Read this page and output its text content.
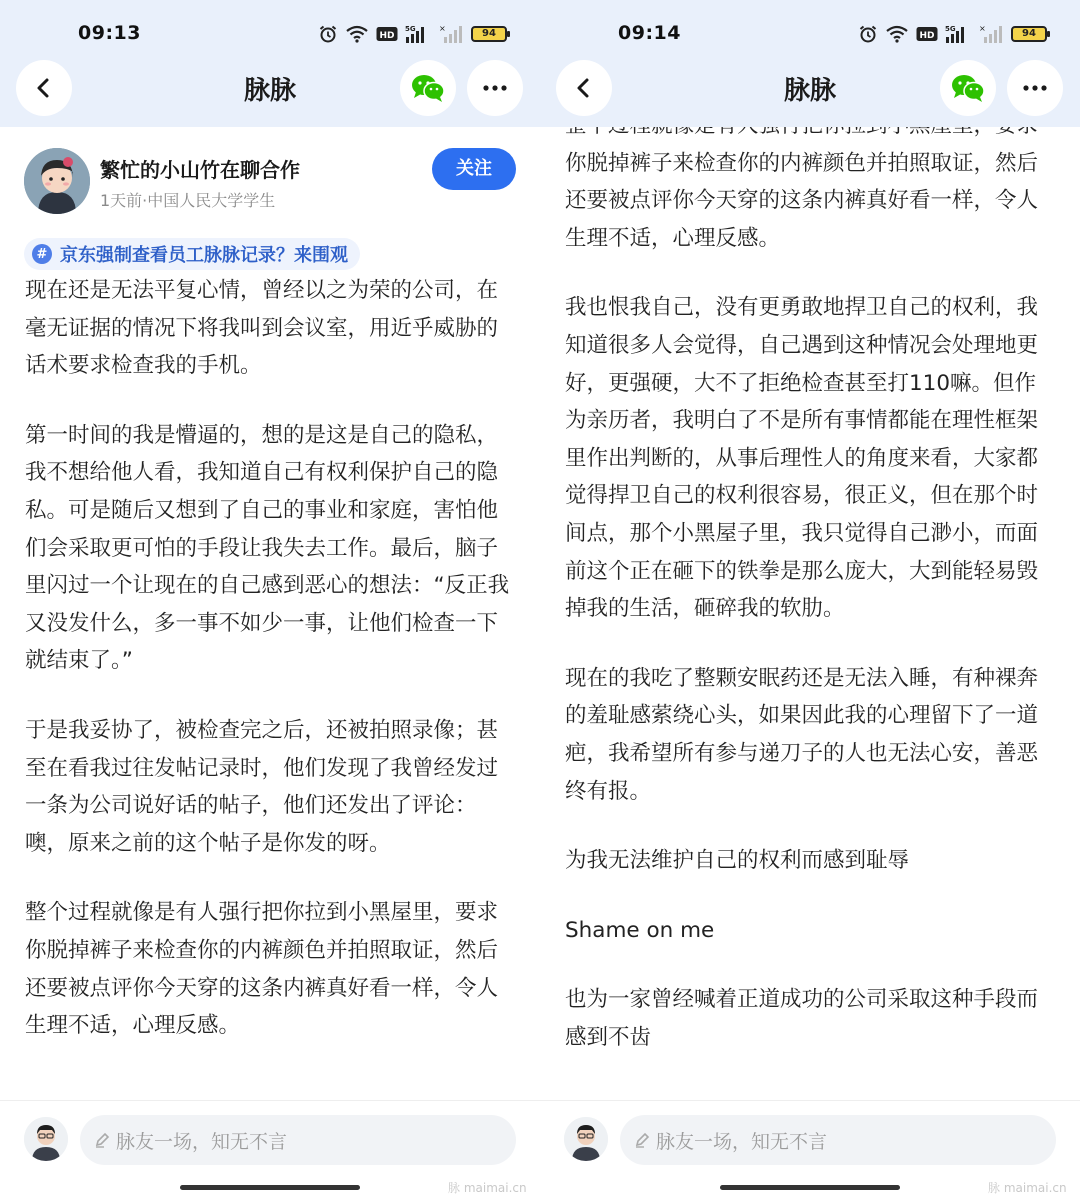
09:13	HD
5G	×	94
脉脉
繁忙的小山竹在聊合作
1天前·中国人民大学学生
关注
# 京东强制查看员工脉脉记录？来围观

现在还是无法平复心情，曾经以之为荣的公司，在毫无证据的情况下将我叫到会议室，用近乎威胁的话术要求检查我的手机。

第一时间的我是懵逼的，想的是这是自己的隐私，我不想给他人看，我知道自己有权利保护自己的隐私。可是随后又想到了自己的事业和家庭，害怕他们会采取更可怕的手段让我失去工作。最后，脑子里闪过一个让现在的自己感到恶心的想法：“反正我又没发什么，多一事不如少一事，让他们检查一下就结束了。”

于是我妥协了，被检查完之后，还被拍照录像；甚至在看我过往发帖记录时，他们发现了我曾经发过一条为公司说好话的帖子，他们还发出了评论：噢，原来之前的这个帖子是你发的呀。

整个过程就像是有人强行把你拉到小黑屋里，要求你脱掉裤子来检查你的内裤颜色并拍照取证，然后还要被点评你今天穿的这条内裤真好看一样，令人生理不适，心理反感。

脉友一场，知无不言
脉 maimai.cn
09:14	HD
5G	×	94
脉脉

你脱掉裤子来检查你的内裤颜色并拍照取证，然后还要被点评你今天穿的这条内裤真好看一样，令人生理不适，心理反感。

我也恨我自己，没有更勇敢地捍卫自己的权利，我知道很多人会觉得，自己遇到这种情况会处理地更好，更强硬，大不了拒绝检查甚至打110嘛。但作为亲历者，我明白了不是所有事情都能在理性框架里作出判断的，从事后理性人的角度来看，大家都觉得捍卫自己的权利很容易，很正义，但在那个时间点，那个小黑屋子里，我只觉得自己渺小，而面前这个正在砸下的铁拳是那么庞大，大到能轻易毁掉我的生活，砸碎我的软肋。

现在的我吃了整颗安眠药还是无法入睡，有种裸奔的羞耻感萦绕心头，如果因此我的心理留下了一道疤，我希望所有参与递刀子的人也无法心安，善恶终有报。

为我无法维护自己的权利而感到耻辱

Shame on me

也为一家曾经喊着正道成功的公司采取这种手段而感到不齿

脉友一场，知无不言
脉 maimai.cn
